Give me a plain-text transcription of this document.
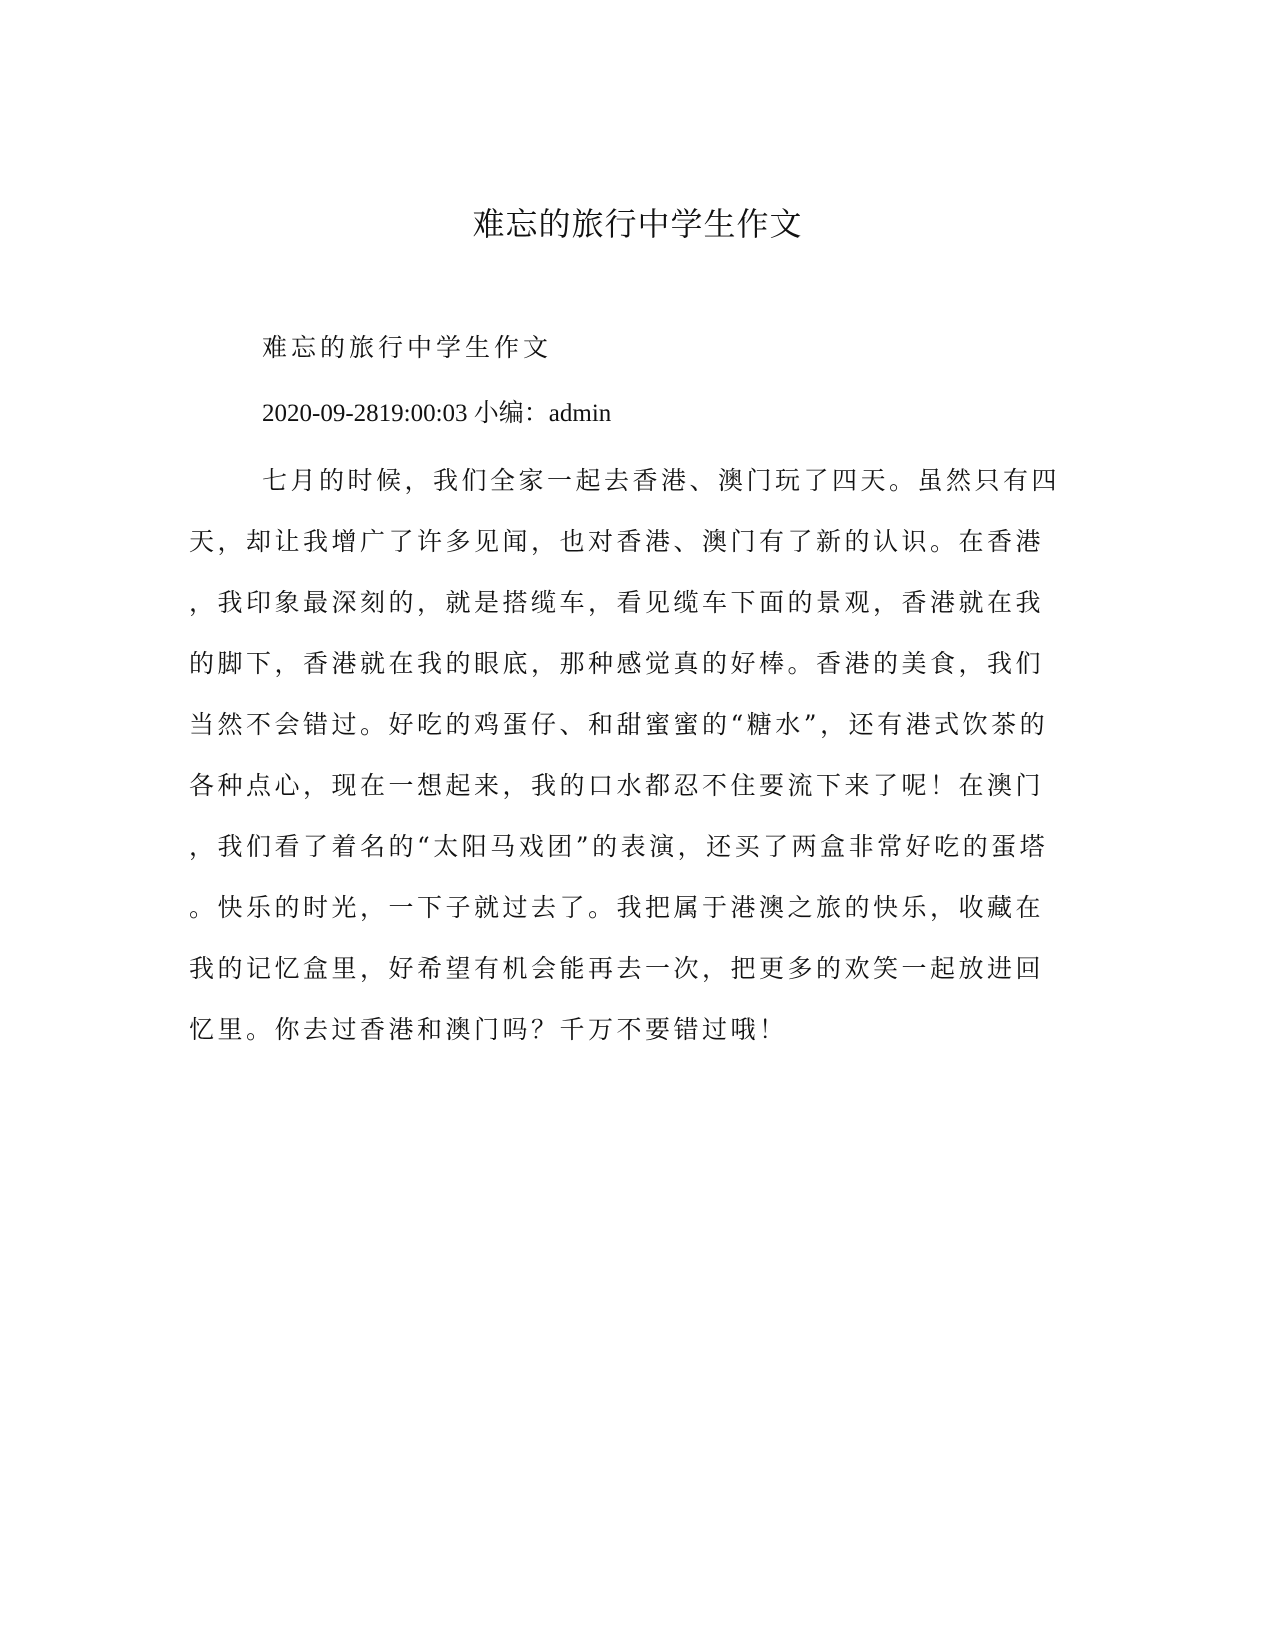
难忘的旅行中学生作文

难忘的旅行中学生作文

2020-09-2819:00:03 小编：admin

七月的时候，我们全家一起去香港、澳门玩了四天。虽然只有四
天，却让我增广了许多见闻，也对香港、澳门有了新的认识。在香港
，我印象最深刻的，就是搭缆车，看见缆车下面的景观，香港就在我
的脚下，香港就在我的眼底，那种感觉真的好棒。香港的美食，我们
当然不会错过。好吃的鸡蛋仔、和甜蜜蜜的“糖水”，还有港式饮茶的
各种点心，现在一想起来，我的口水都忍不住要流下来了呢！在澳门
，我们看了着名的“太阳马戏团”的表演，还买了两盒非常好吃的蛋塔
。快乐的时光，一下子就过去了。我把属于港澳之旅的快乐，收藏在
我的记忆盒里，好希望有机会能再去一次，把更多的欢笑一起放进回
忆里。你去过香港和澳门吗？千万不要错过哦！
